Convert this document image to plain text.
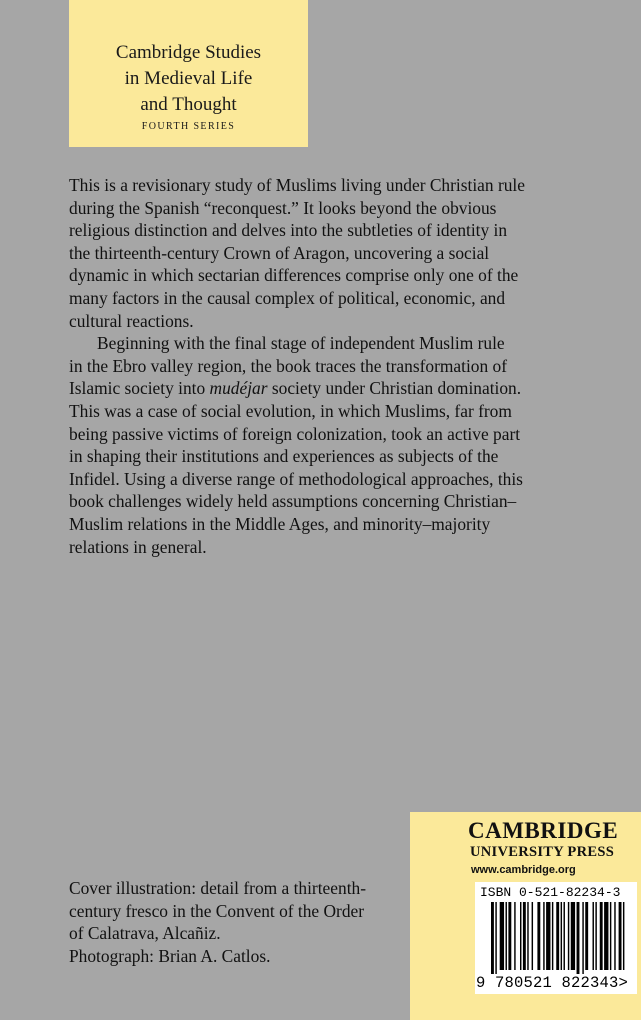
Cambridge Studies

in Medieval Life

and Thought

FOURTH SERIES

This is a revisionary study of Muslims living under Christian rule
during the Spanish “reconquest.” It looks beyond the obvious
religious distinction and delves into the subtleties of identity in
the thirteenth-century Crown of Aragon, uncovering a social
dynamic in which sectarian differences comprise only one of the
many factors in the causal complex of political, economic, and
cultural reactions.

Beginning with the final stage of independent Muslim rule
in the Ebro valley region, the book traces the transformation of
Islamic society into mudéjar society under Christian domination.
This was a case of social evolution, in which Muslims, far from
being passive victims of foreign colonization, took an active part
in shaping their institutions and experiences as subjects of the
Infidel. Using a diverse range of methodological approaches, this
book challenges widely held assumptions concerning Christian–
Muslim relations in the Middle Ages, and minority–majority
relations in general.

Cover illustration: detail from a thirteenth-
century fresco in the Convent of the Order
of Calatrava, Alcañiz.
Photograph: Brian A. Catlos.
CAMBRIDGE
UNIVERSITY PRESS
www.cambridge.org
ISBN 0-521-82234-3
9 780521 822343>
